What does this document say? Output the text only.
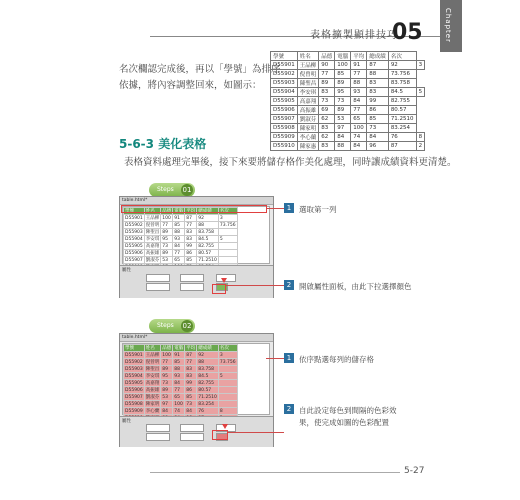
表格擴製顯排技巧
05	Chapter
名次欄認完成後，再以「學號」為排序
依據，將內容調整回來，如圖示：
學號	姓名	品德	電腦	平均	總成績	名次	
D55901	王品柳	90	100	91	87	92	3
D55902	倪曾明	77	85	77	88	73.756	
D55903	陳聖昌	89	89	88	83	83.758	
D55904	李安琪	83	95	93	83	84.5	5
D55905	高嘉翔	73	73	84	99	82.755	
D55906	高振雄	69	89	77	86	80.57	
D55907	劉淑芬	62	53	65	85	71.2510	
D55908	陳家明	83	97	100	73	83.254	
D55909	李心蘭	62	84	74	84	76	8
D55910	陳家惠	83	88	84	96	87	2
5-6-3 美化表格
表格資料處理完畢後，接下來要將儲存格作美化處理，同時讓成績資料更清楚。
Steps 01
table.html*
學號	姓名	品德	電腦	平均	總成績	名次
D55901	王品柳	100	91	87	92	3
D55902	倪曾明	77	85	77	88	73.756
D55903	陳聖昌	89	88	83	83.758	
D55904	李安琪	95	93	83	84.5	5
D55905	高嘉翔	73	84	99	82.755	
D55906	高振雄	89	77	86	80.57	
D55907	劉淑芬	53	65	85	71.2510	

屬性
1	選取第一列
2	開啟屬性面板，由此下拉選擇顏色
Steps 02
table.html*
學號	姓名	品德	電腦	平均	總成績	名次
D55901	王品柳	100	91	87	92	3
D55902	倪曾明	77	85	77	88	73.756
D55903	陳聖昌	89	88	83	83.758	
D55904	李安琪	95	93	83	84.5	5
D55905	高嘉翔	73	84	99	82.755	
D55906	高振雄	89	77	86	80.57	
D55907	劉淑芬	53	65	85	71.2510	
D55908	陳家明	97	100	73	83.254	
D55909	李心蘭	84	74	84	76	8

屬性
1	依序點選每列的儲存格
2	自此設定每色到間隔的色彩效
果，使完成如圖的色彩配置
5-27
